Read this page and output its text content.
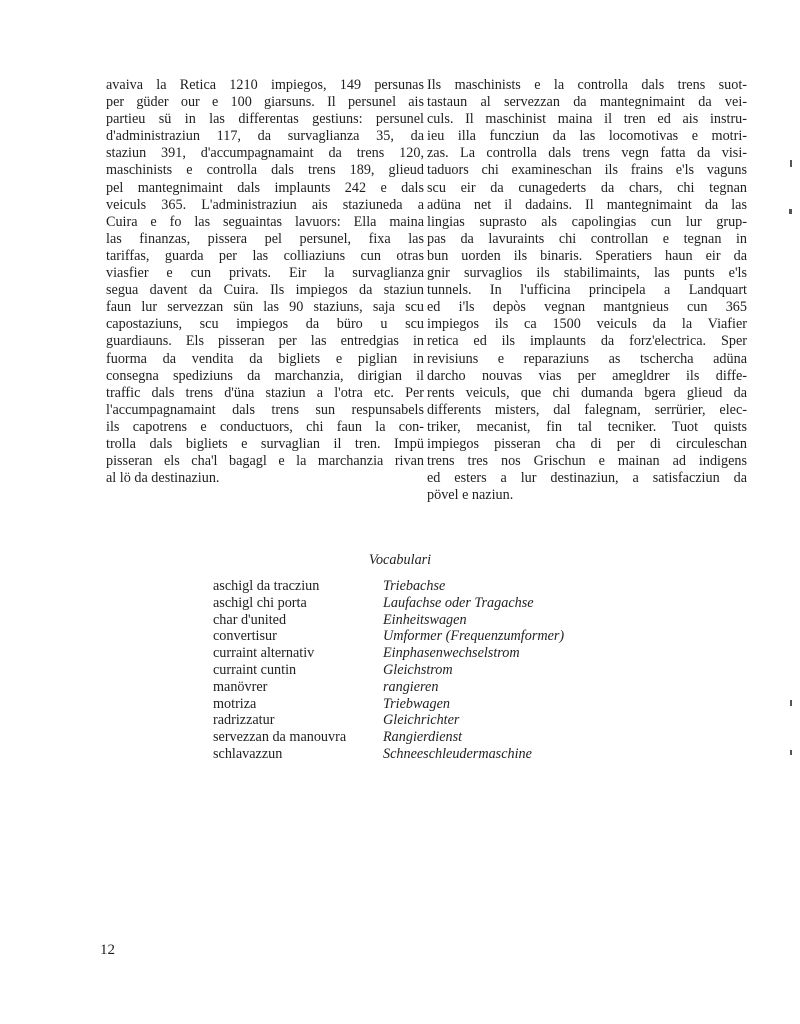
avaiva la Retica 1210 impiegos, 149 persunas
per güder our e 100 giarsuns. Il persunel ais
partieu sü in las differentas gestiuns: persunel
d'administraziun 117, da survaglianza 35, da
staziun 391, d'accumpagnamaint da trens 120,
maschinists e controlla dals trens 189, glieud
pel mantegnimaint dals implaunts 242 e dals
veiculs 365. L'administraziun ais staziuneda a
Cuira e fo las seguaintas lavuors: Ella maina
las finanzas, pissera pel persunel, fixa las
tariffas, guarda per las colliaziuns cun otras
viasfier e cun privats. Eir la survaglianza
segua davent da Cuira. Ils impiegos da staziun
faun lur servezzan sün las 90 staziuns, saja scu
capostaziuns, scu impiegos da büro u scu
guardiauns. Els pisseran per las entredgias in
fuorma da vendita da bigliets e piglian in
consegna spediziuns da marchanzia, dirigian il
traffic dals trens d'üna staziun a l'otra etc. Per
l'accumpagnamaint dals trens sun respunsabels
ils capotrens e conductuors, chi faun la con-
trolla dals bigliets e survaglian il tren. Impü
pisseran els cha'l bagagl e la marchanzia rivan
al lö da destinaziun.
Ils maschinists e la controlla dals trens suot-
tastaun al servezzan da mantegnimaint da vei-
culs. Il maschinist maina il tren ed ais instru-
ieu illa funcziun da las locomotivas e motri-
zas. La controlla dals trens vegn fatta da visi-
taduors chi examineschan ils frains e'ls vaguns
scu eir da cunagederts da chars, chi tegnan
adüna net il dadains. Il mantegnimaint da las
lingias suprasto als capolingias cun lur grup-
pas da lavuraints chi controllan e tegnan in
bun uorden ils binaris. Speratiers haun eir da
gnir survaglios ils stabilimaints, las punts e'ls
tunnels. In l'ufficina principela a Landquart
ed i'ls depòs vegnan mantgnieus cun 365
impiegos ils ca 1500 veiculs da la Viafier
retica ed ils implaunts da forz'electrica. Sper
revisiuns e reparaziuns as tschercha adüna
darcho nouvas vias per amegldrer ils diffe-
rents veiculs, que chi dumanda bgera glieud da
differents misters, dal falegnam, serrürier, elec-
triker, mecanist, fin tal tecniker. Tuot quists
impiegos pisseran cha di per di circuleschan
trens tres nos Grischun e mainan ad indigens
ed esters a lur destinaziun, a satisfacziun da
pövel e naziun.
Vocabulari
aschigl da tracziun	Triebachse
aschigl chi porta	Laufachse oder Tragachse
char d'united	Einheitswagen
convertisur	Umformer (Frequenzumformer)
curraint alternativ	Einphasenwechselstrom
curraint cuntin	Gleichstrom
manövrer	rangieren
motriza	Triebwagen
radrizzatur	Gleichrichter
servezzan da manouvra	Rangierdienst
schlavazzun	Schneeschleudermaschine
12
